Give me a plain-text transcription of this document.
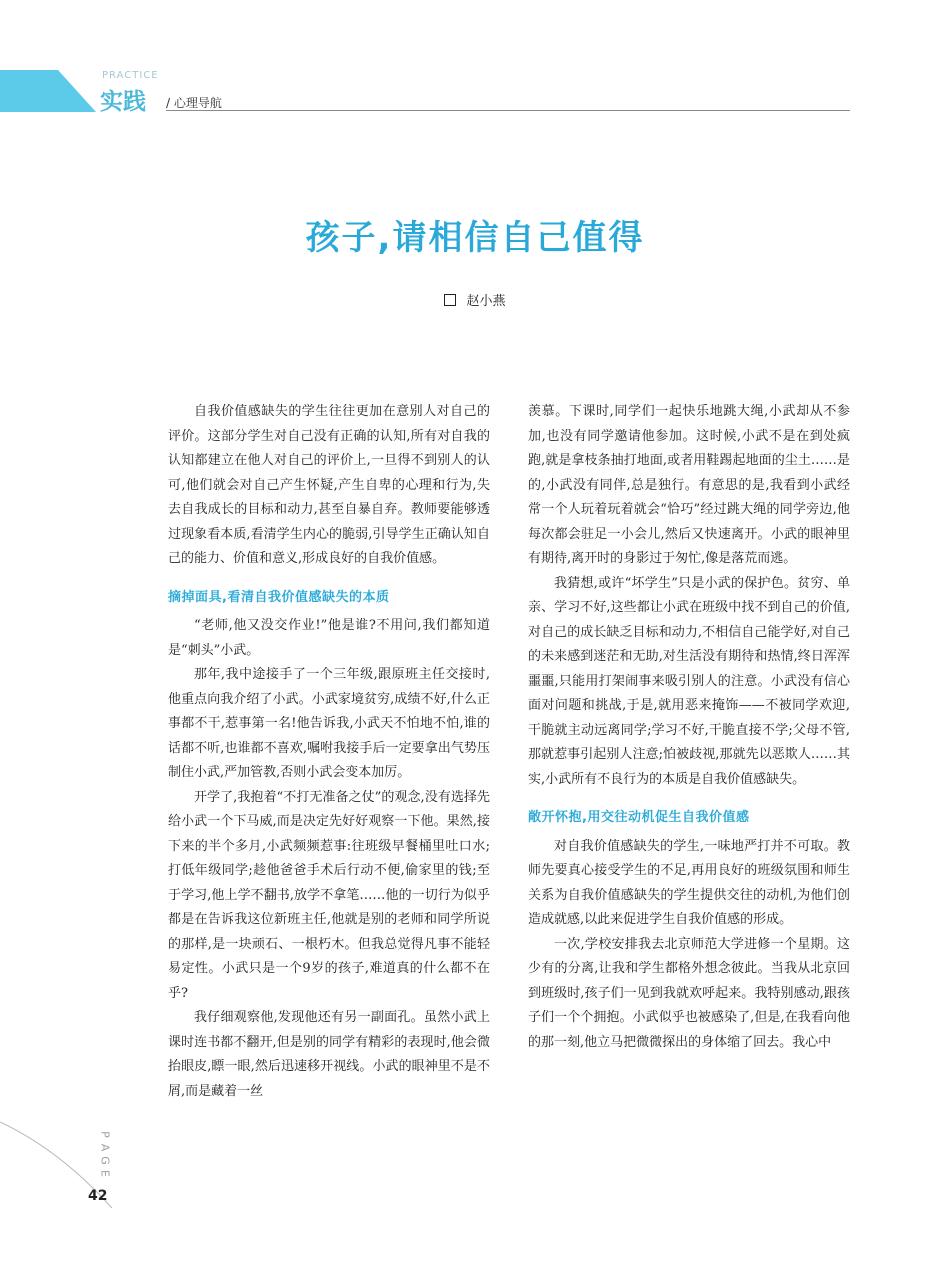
PRACTICE
实践 / 心理导航
孩子,请相信自己值得
赵小燕

自我价值感缺失的学生往往更加在意别人对自己的评价。这部分学生对自己没有正确的认知,所有对自我的认知都建立在他人对自己的评价上,一旦得不到别人的认可,他们就会对自己产生怀疑,产生自卑的心理和行为,失去自我成长的目标和动力,甚至自暴自弃。教师要能够透过现象看本质,看清学生内心的脆弱,引导学生正确认知自己的能力、价值和意义,形成良好的自我价值感。

摘掉面具,看清自我价值感缺失的本质

“老师,他又没交作业!”他是谁?不用问,我们都知道是“刺头”小武。

那年,我中途接手了一个三年级,跟原班主任交接时,他重点向我介绍了小武。小武家境贫穷,成绩不好,什么正事都不干,惹事第一名!他告诉我,小武天不怕地不怕,谁的话都不听,也谁都不喜欢,嘱咐我接手后一定要拿出气势压制住小武,严加管教,否则小武会变本加厉。

开学了,我抱着“不打无准备之仗”的观念,没有选择先给小武一个下马威,而是决定先好好观察一下他。果然,接下来的半个多月,小武频频惹事:往班级早餐桶里吐口水;打低年级同学;趁他爸爸手术后行动不便,偷家里的钱;至于学习,他上学不翻书,放学不拿笔……他的一切行为似乎都是在告诉我这位新班主任,他就是别的老师和同学所说的那样,是一块顽石、一根朽木。但我总觉得凡事不能轻易定性。小武只是一个9岁的孩子,难道真的什么都不在乎?

我仔细观察他,发现他还有另一副面孔。虽然小武上课时连书都不翻开,但是别的同学有精彩的表现时,他会微抬眼皮,瞟一眼,然后迅速移开视线。小武的眼神里不是不屑,而是藏着一丝

羡慕。下课时,同学们一起快乐地跳大绳,小武却从不参加,也没有同学邀请他参加。这时候,小武不是在到处疯跑,就是拿枝条抽打地面,或者用鞋踢起地面的尘土……是的,小武没有同伴,总是独行。有意思的是,我看到小武经常一个人玩着玩着就会“恰巧”经过跳大绳的同学旁边,他每次都会驻足一小会儿,然后又快速离开。小武的眼神里有期待,离开时的身影过于匆忙,像是落荒而逃。

我猜想,或许“坏学生”只是小武的保护色。贫穷、单亲、学习不好,这些都让小武在班级中找不到自己的价值,对自己的成长缺乏目标和动力,不相信自己能学好,对自己的未来感到迷茫和无助,对生活没有期待和热情,终日浑浑噩噩,只能用打架闹事来吸引别人的注意。小武没有信心面对问题和挑战,于是,就用恶来掩饰——不被同学欢迎,干脆就主动远离同学;学习不好,干脆直接不学;父母不管,那就惹事引起别人注意;怕被歧视,那就先以恶欺人……其实,小武所有不良行为的本质是自我价值感缺失。

敞开怀抱,用交往动机促生自我价值感

对自我价值感缺失的学生,一味地严打并不可取。教师先要真心接受学生的不足,再用良好的班级氛围和师生关系为自我价值感缺失的学生提供交往的动机,为他们创造成就感,以此来促进学生自我价值感的形成。

一次,学校安排我去北京师范大学进修一个星期。这少有的分离,让我和学生都格外想念彼此。当我从北京回到班级时,孩子们一见到我就欢呼起来。我特别感动,跟孩子们一个个拥抱。小武似乎也被感染了,但是,在我看向他的那一刻,他立马把微微探出的身体缩了回去。我心中

P
A
G
E
42
